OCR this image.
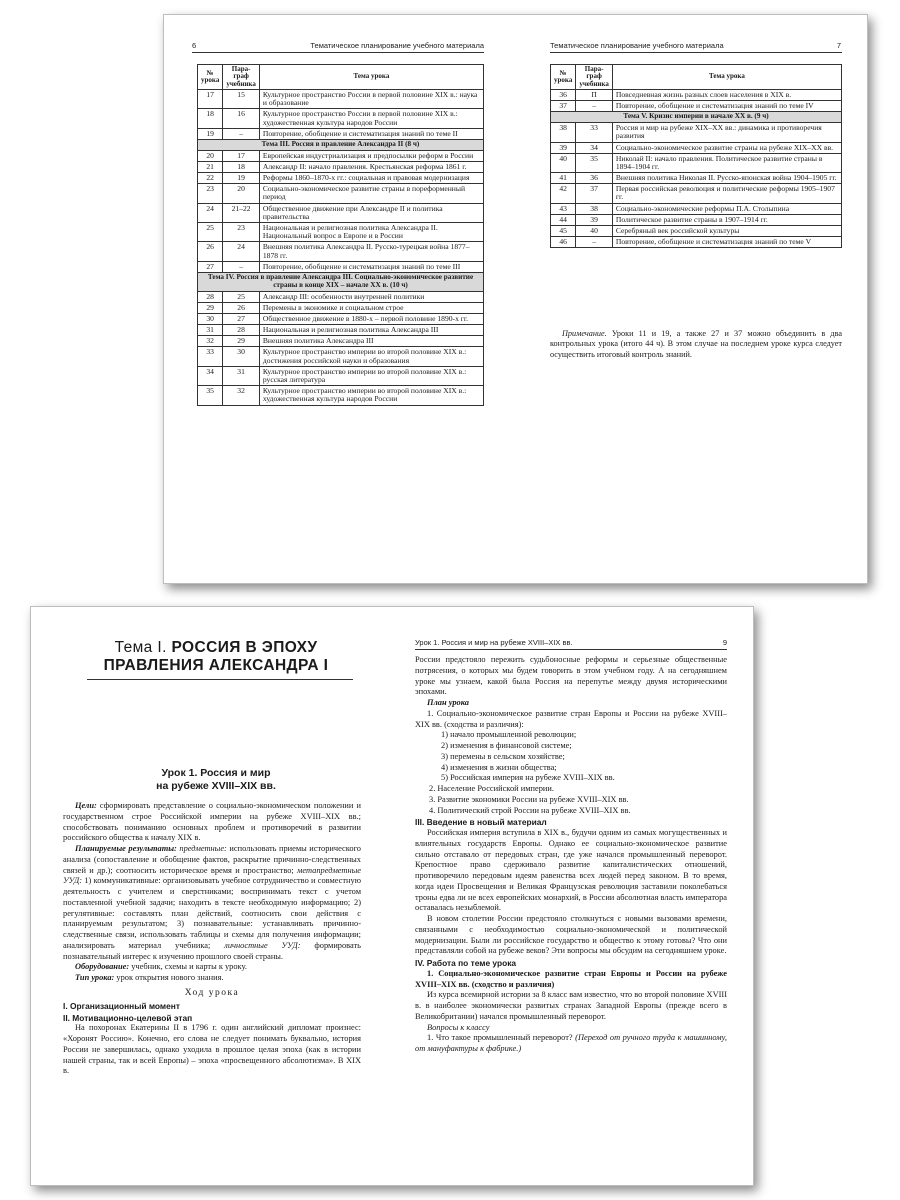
6	Тематическое планирование учебного материала
№ урока	Пара-граф учебника	Тема урока
17	15	Культурное пространство России в первой половине XIX в.: наука и образование
18	16	Культурное пространство России в первой половине XIX в.: художественная культура народов России
19	–	Повторение, обобщение и систематизация знаний по теме II
Тема III. Россия в правление Александра II (8 ч)		
20	17	Европейская индустриализация и предпосылки реформ в России
21	18	Александр II: начало правления. Крестьянская реформа 1861 г.
22	19	Реформы 1860–1870-х гг.: социальная и правовая модернизация
23	20	Социально-экономическое развитие страны в пореформенный период
24	21–22	Общественное движение при Александре II и политика правительства
25	23	Национальная и религиозная политика Александра II. Национальный вопрос в Европе и в России
26	24	Внешняя политика Александра II. Русско-турецкая война 1877–1878 гг.
27	–	Повторение, обобщение и систематизация знаний по теме III
Тема IV. Россия в правление Александра III. Социально-экономическое развитие страны в конце XIX – начале XX в. (10 ч)		
28	25	Александр III: особенности внутренней политики
29	26	Перемены в экономике и социальном строе
30	27	Общественное движение в 1880-х – первой половине 1890-х гг.
31	28	Национальная и религиозная политика Александра III
32	29	Внешняя политика Александра III
33	30	Культурное пространство империи во второй половине XIX в.: достижения российской науки и образования
34	31	Культурное пространство империи во второй половине XIX в.: русская литература
35	32	Культурное пространство империи во второй половине XIX в.: художественная культура народов России
Тематическое планирование учебного материала	7
№ урока	Пара-граф учебника	Тема урока
36	П	Повседневная жизнь разных слоев населения в XIX в.
37	–	Повторение, обобщение и систематизация знаний по теме IV
Тема V. Кризис империи в начале XX в. (9 ч)		
38	33	Россия и мир на рубеже XIX–XX вв.: динамика и противоречия развития
39	34	Социально-экономическое развитие страны на рубеже XIX–XX вв.
40	35	Николай II: начало правления. Политическое развитие страны в 1894–1904 гг.
41	36	Внешняя политика Николая II. Русско-японская война 1904–1905 гг.
42	37	Первая российская революция и политические реформы 1905–1907 гг.
43	38	Социально-экономические реформы П.А. Столыпина
44	39	Политическое развитие страны в 1907–1914 гг.
45	40	Серебряный век российской культуры
46	–	Повторение, обобщение и систематизация знаний по теме V
Примечание. Уроки 11 и 19, а также 27 и 37 можно объединить в два контрольных урока (итого 44 ч). В этом случае на последнем уроке курса следует осуществить итоговый контроль знаний.
Тема I. РОССИЯ В ЭПОХУ
ПРАВЛЕНИЯ АЛЕКСАНДРА I
Урок 1. Россия и мир
на рубеже XVIII–XIX вв.

Цели: сформировать представление о социально-экономическом положении и государственном строе Российской империи на рубеже XVIII–XIX вв.; способствовать пониманию основных проблем и противоречий в развитии российского общества к началу XIX в.

Планируемые результаты: предметные: использовать приемы исторического анализа (сопоставление и обобщение фактов, раскрытие причинно-следственных связей и др.); соотносить историческое время и пространство; метапредметные УУД: 1) коммуникативные: организовывать учебное сотрудничество и совместную деятельность с учителем и сверстниками; воспринимать текст с учетом поставленной учебной задачи; находить в тексте необходимую информацию; 2) регулятивные: составлять план действий, соотносить свои действия с планируемым результатом; 3) познавательные: устанавливать причинно-следственные связи, использовать таблицы и схемы для получения информации; анализировать материал учебника; личностные УУД: формировать познавательный интерес к изучению прошлого своей страны.

Оборудование: учебник, схемы и карты к уроку.

Тип урока: урок открытия нового знания.

Ход урока

I. Организационный момент

II. Мотивационно-целевой этап

На похоронах Екатерины II в 1796 г. один английский дипломат произнес: «Хоронят Россию». Конечно, его слова не следует понимать буквально, история России не завершилась, однако уходила в прошлое целая эпоха (как в истории нашей страны, так и всей Европы) – эпоха «просвещенного абсолютизма». В XIX в.

Урок 1. Россия и мир на рубеже XVIII–XIX вв.	9

России предстояло пережить судьбоносные реформы и серьезные общественные потрясения, о которых мы будем говорить в этом учебном году. А на сегодняшнем уроке мы узнаем, какой была Россия на перепутье между двумя историческими эпохами.

План урока

1. Социально-экономическое развитие стран Европы и России на рубеже XVIII–XIX вв. (сходства и различия):

1) начало промышленной революции;

2) изменения в финансовой системе;

3) перемены в сельском хозяйстве;

4) изменения в жизни общества;

5) Российская империя на рубеже XVIII–XIX вв.

2. Население Российской империи.

3. Развитие экономики России на рубеже XVIII–XIX вв.

4. Политический строй России на рубеже XVIII–XIX вв.

III. Введение в новый материал

Российская империя вступила в XIX в., будучи одним из самых могущественных и влиятельных государств Европы. Однако ее социально-экономическое развитие сильно отставало от передовых стран, где уже начался промышленный переворот. Крепостное право сдерживало развитие капиталистических отношений, противоречило передовым идеям равенства всех людей перед законом. В то время, когда идеи Просвещения и Великая Французская революция заставили поколебаться троны едва ли не всех европейских монархий, в России абсолютная власть императора оставалась незыблемой.

В новом столетии России предстояло столкнуться с новыми вызовами времени, связанными с необходимостью социально-экономической и политической модернизации. Были ли российское государство и общество к этому готовы? Что они представляли собой на рубеже веков? Эти вопросы мы обсудим на сегодняшнем уроке.

IV. Работа по теме урока

1. Социально-экономическое развитие стран Европы и России на рубеже XVIII–XIX вв. (сходство и различия)

Из курса всемирной истории за 8 класс вам известно, что во второй половине XVIII в. в наиболее экономически развитых странах Западной Европы (прежде всего в Великобритании) начался промышленный переворот.

Вопросы к классу

1. Что такое промышленный переворот? (Переход от ручного труда к машинному, от мануфактуры к фабрике.)
